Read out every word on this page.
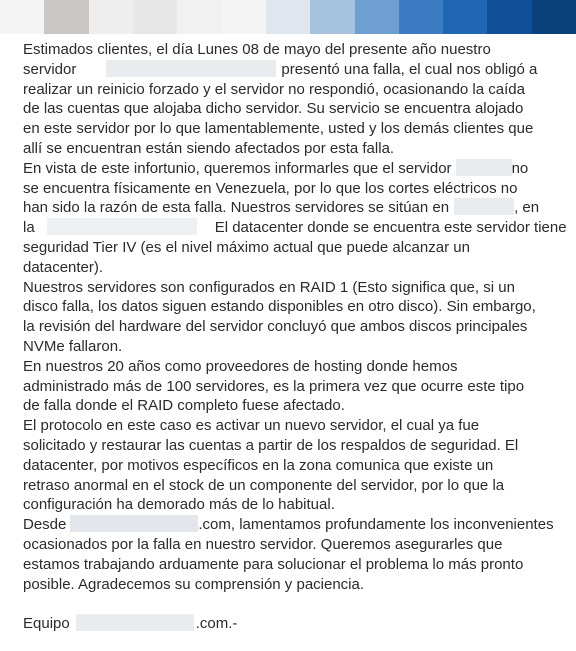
Estimados clientes, el día Lunes 08 de mayo del presente año nuestro
servidor	presentó una falla, el cual nos obligó a
realizar un reinicio forzado y el servidor no respondió, ocasionando la caída
de las cuentas que alojaba dicho servidor. Su servicio se encuentra alojado
en este servidor por lo que lamentablemente, usted y los demás clientes que
allí se encuentran están siendo afectados por esta falla.
En vista de este infortunio, queremos informarles que el servidor	no
se encuentra físicamente en Venezuela, por lo que los cortes eléctricos no
han sido la razón de esta falla. Nuestros servidores se sitúan en	, en
la	El datacenter donde se encuentra este servidor tiene
seguridad Tier IV (es el nivel máximo actual que puede alcanzar un
datacenter).
Nuestros servidores son configurados en RAID 1 (Esto significa que, si un
disco falla, los datos siguen estando disponibles en otro disco). Sin embargo,
la revisión del hardware del servidor concluyó que ambos discos principales
NVMe fallaron.
En nuestros 20 años como proveedores de hosting donde hemos
administrado más de 100 servidores, es la primera vez que ocurre este tipo
de falla donde el RAID completo fuese afectado.
El protocolo en este caso es activar un nuevo servidor, el cual ya fue
solicitado y restaurar las cuentas a partir de los respaldos de seguridad. El
datacenter, por motivos específicos en la zona comunica que existe un
retraso anormal en el stock de un componente del servidor, por lo que la
configuración ha demorado más de lo habitual.
Desde	.com, lamentamos profundamente los inconvenientes
ocasionados por la falla en nuestro servidor. Queremos asegurarles que
estamos trabajando arduamente para solucionar el problema lo más pronto
posible. Agradecemos su comprensión y paciencia.
Equipo	.com.-
